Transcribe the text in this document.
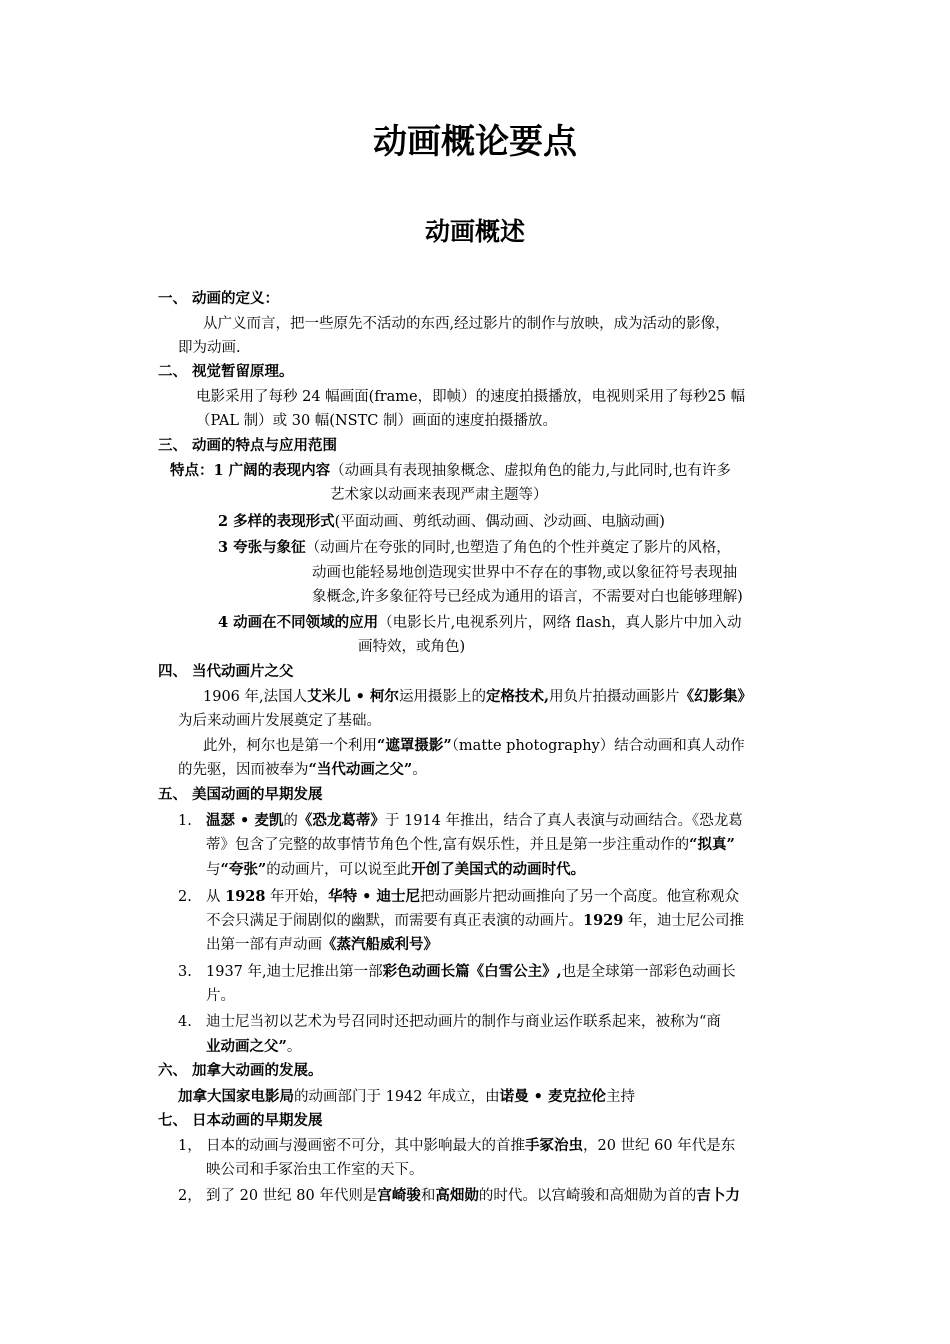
动画概论要点
动画概述
一、 动画的定义：
从广义而言，把一些原先不活动的东西,经过影片的制作与放映，成为活动的影像，
即为动画.
二、 视觉暂留原理。
电影采用了每秒 24 幅画面(frame，即帧）的速度拍摄播放，电视则采用了每秒25 幅
（PAL 制）或 30 幅(NSTC 制）画面的速度拍摄播放。
三、 动画的特点与应用范围
特点：1 广阔的表现内容（动画具有表现抽象概念、虚拟角色的能力,与此同时,也有许多
艺术家以动画来表现严肃主题等）
2 多样的表现形式(平面动画、剪纸动画、偶动画、沙动画、电脑动画)
3 夸张与象征（动画片在夸张的同时,也塑造了角色的个性并奠定了影片的风格，
动画也能轻易地创造现实世界中不存在的事物,或以象征符号表现抽
象概念,许多象征符号已经成为通用的语言，不需要对白也能够理解)
4 动画在不同领域的应用（电影长片,电视系列片，网络 flash，真人影片中加入动
画特效，或角色)
四、 当代动画片之父
1906 年,法国人艾米儿 • 柯尔运用摄影上的定格技术,用负片拍摄动画影片《幻影集》
为后来动画片发展奠定了基础。
此外，柯尔也是第一个利用“遮罩摄影”（matte photography）结合动画和真人动作
的先驱，因而被奉为“当代动画之父”。
五、 美国动画的早期发展
1. 温瑟 • 麦凯的《恐龙葛蒂》于 1914 年推出，结合了真人表演与动画结合。《恐龙葛
蒂》包含了完整的故事情节角色个性,富有娱乐性，并且是第一步注重动作的“拟真”
与“夸张”的动画片，可以说至此开创了美国式的动画时代。
2. 从 1928 年开始，华特 • 迪士尼把动画影片把动画推向了另一个高度。他宣称观众
不会只满足于闹剧似的幽默，而需要有真正表演的动画片。1929 年，迪士尼公司推
出第一部有声动画《蒸汽船威利号》
3. 1937 年,迪士尼推出第一部彩色动画长篇《白雪公主》,也是全球第一部彩色动画长
片。
4. 迪士尼当初以艺术为号召同时还把动画片的制作与商业运作联系起来，被称为“商
业动画之父”。
六、 加拿大动画的发展。
加拿大国家电影局的动画部门于 1942 年成立，由诺曼 • 麦克拉伦主持
七、 日本动画的早期发展
1， 日本的动画与漫画密不可分，其中影响最大的首推手冢治虫，20 世纪 60 年代是东
映公司和手冢治虫工作室的天下。
2， 到了 20 世纪 80 年代则是宫崎骏和高畑勋的时代。以宫崎骏和高畑勋为首的吉卜力
